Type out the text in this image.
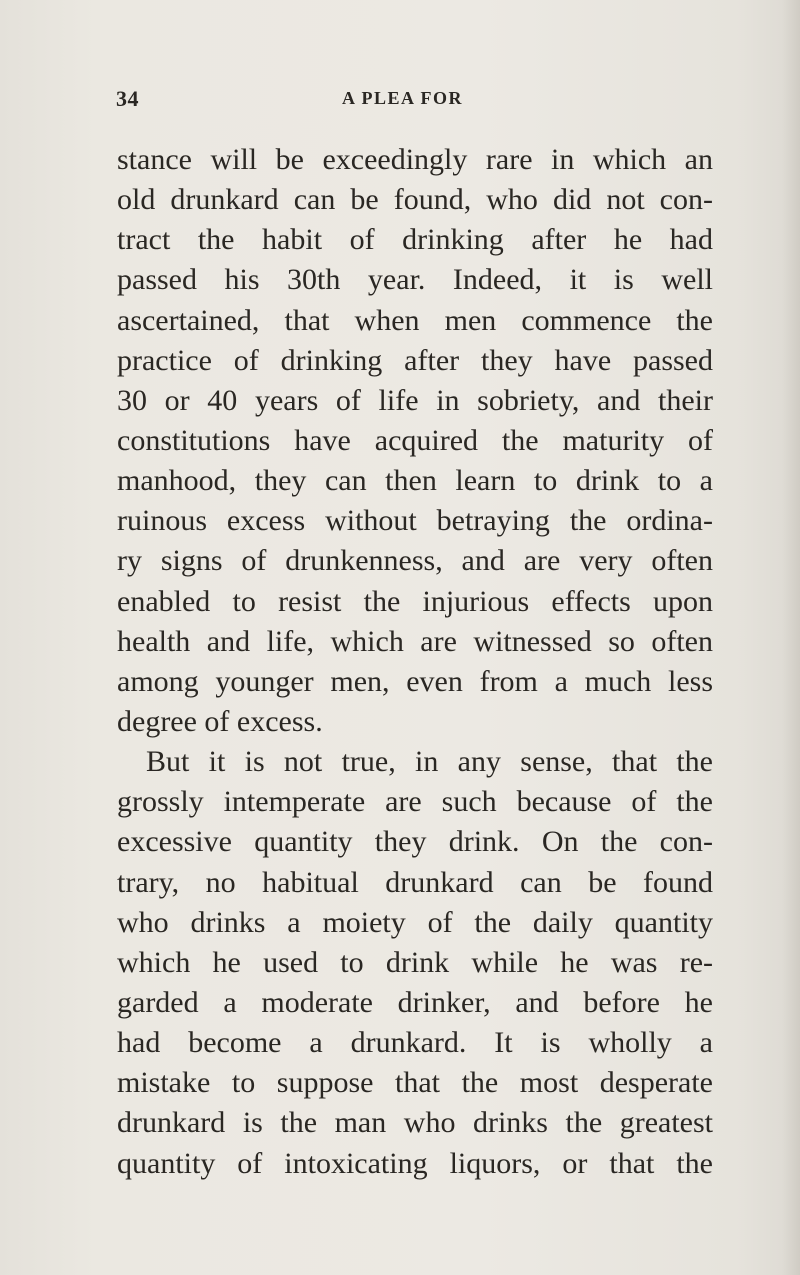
34	A PLEA FOR
stance will be exceedingly rare in which an
old drunkard can be found, who did not con-
tract the habit of drinking after he had
passed his 30th year. Indeed, it is well
ascertained, that when men commence the
practice of drinking after they have passed
30 or 40 years of life in sobriety, and their
constitutions have acquired the maturity of
manhood, they can then learn to drink to a
ruinous excess without betraying the ordina-
ry signs of drunkenness, and are very often
enabled to resist the injurious effects upon
health and life, which are witnessed so often
among younger men, even from a much less
degree of excess.
But it is not true, in any sense, that the
grossly intemperate are such because of the
excessive quantity they drink. On the con-
trary, no habitual drunkard can be found
who drinks a moiety of the daily quantity
which he used to drink while he was re-
garded a moderate drinker, and before he
had become a drunkard. It is wholly a
mistake to suppose that the most desperate
drunkard is the man who drinks the greatest
quantity of intoxicating liquors, or that the
